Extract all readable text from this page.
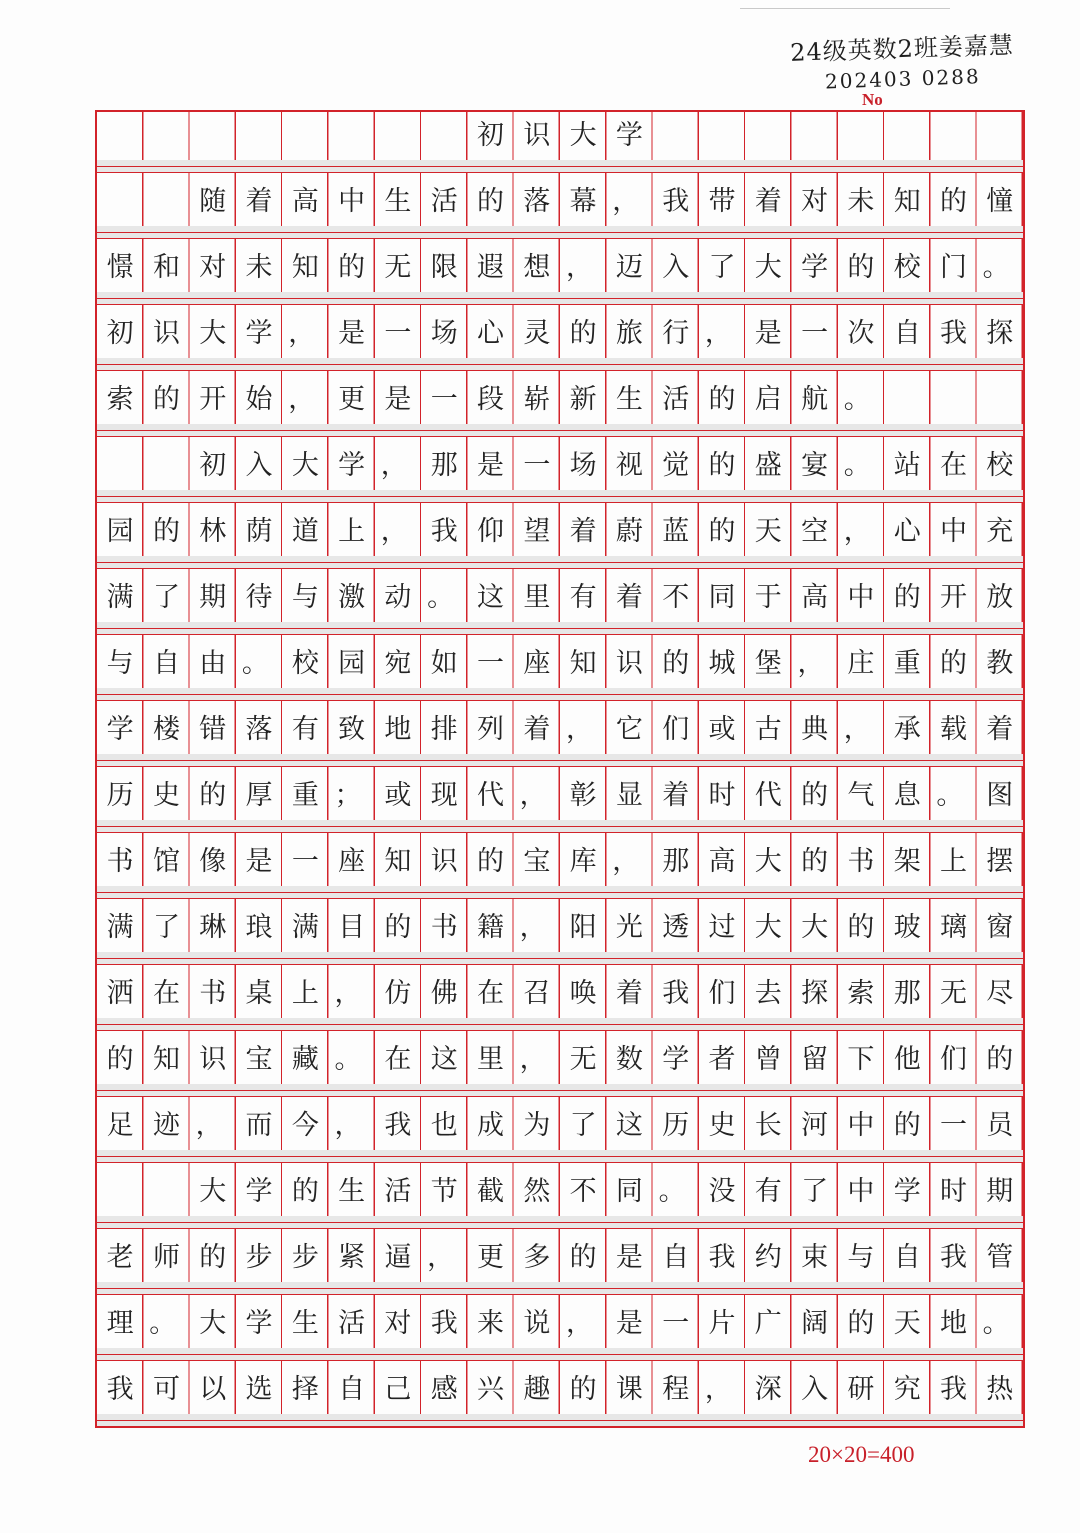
24级英数2班姜嘉慧
202403 0288
No

初 识 大 学

随 着 高 中 生 活 的 落 幕 ， 我 带 着 对 未 知 的 憧
憬 和 对 未 知 的 无 限 遐 想 ， 迈 入 了 大 学 的 校 门 。
初 识 大 学 ， 是 一 场 心 灵 的 旅 行 ， 是 一 次 自 我 探
索 的 开 始 ， 更 是 一 段 崭 新 生 活 的 启 航 。

初 入 大 学 ， 那 是 一 场 视 觉 的 盛 宴 。 站 在 校
园 的 林 荫 道 上 ， 我 仰 望 着 蔚 蓝 的 天 空 ， 心 中 充
满 了 期 待 与 激 动 。 这 里 有 着 不 同 于 高 中 的 开 放
与 自 由 。 校 园 宛 如 一 座 知 识 的 城 堡 ， 庄 重 的 教
学 楼 错 落 有 致 地 排 列 着 ， 它 们 或 古 典 ， 承 载 着
历 史 的 厚 重 ； 或 现 代 ， 彰 显 着 时 代 的 气 息 。 图
书 馆 像 是 一 座 知 识 的 宝 库 ， 那 高 大 的 书 架 上 摆
满 了 琳 琅 满 目 的 书 籍 ， 阳 光 透 过 大 大 的 玻 璃 窗
洒 在 书 桌 上 ， 仿 佛 在 召 唤 着 我 们 去 探 索 那 无 尽
的 知 识 宝 藏 。 在 这 里 ， 无 数 学 者 曾 留 下 他 们 的
足 迹 ， 而 今 ， 我 也 成 为 了 这 历 史 长 河 中 的 一 员

大 学 的 生 活 节 截 然 不 同 。 没 有 了 中 学 时 期
老 师 的 步 步 紧 逼 ， 更 多 的 是 自 我 约 束 与 自 我 管
理 。 大 学 生 活 对 我 来 说 ， 是 一 片 广 阔 的 天 地 。
我 可 以 选 择 自 己 感 兴 趣 的 课 程 ， 深 入 研 究 我 热
20×20=400
